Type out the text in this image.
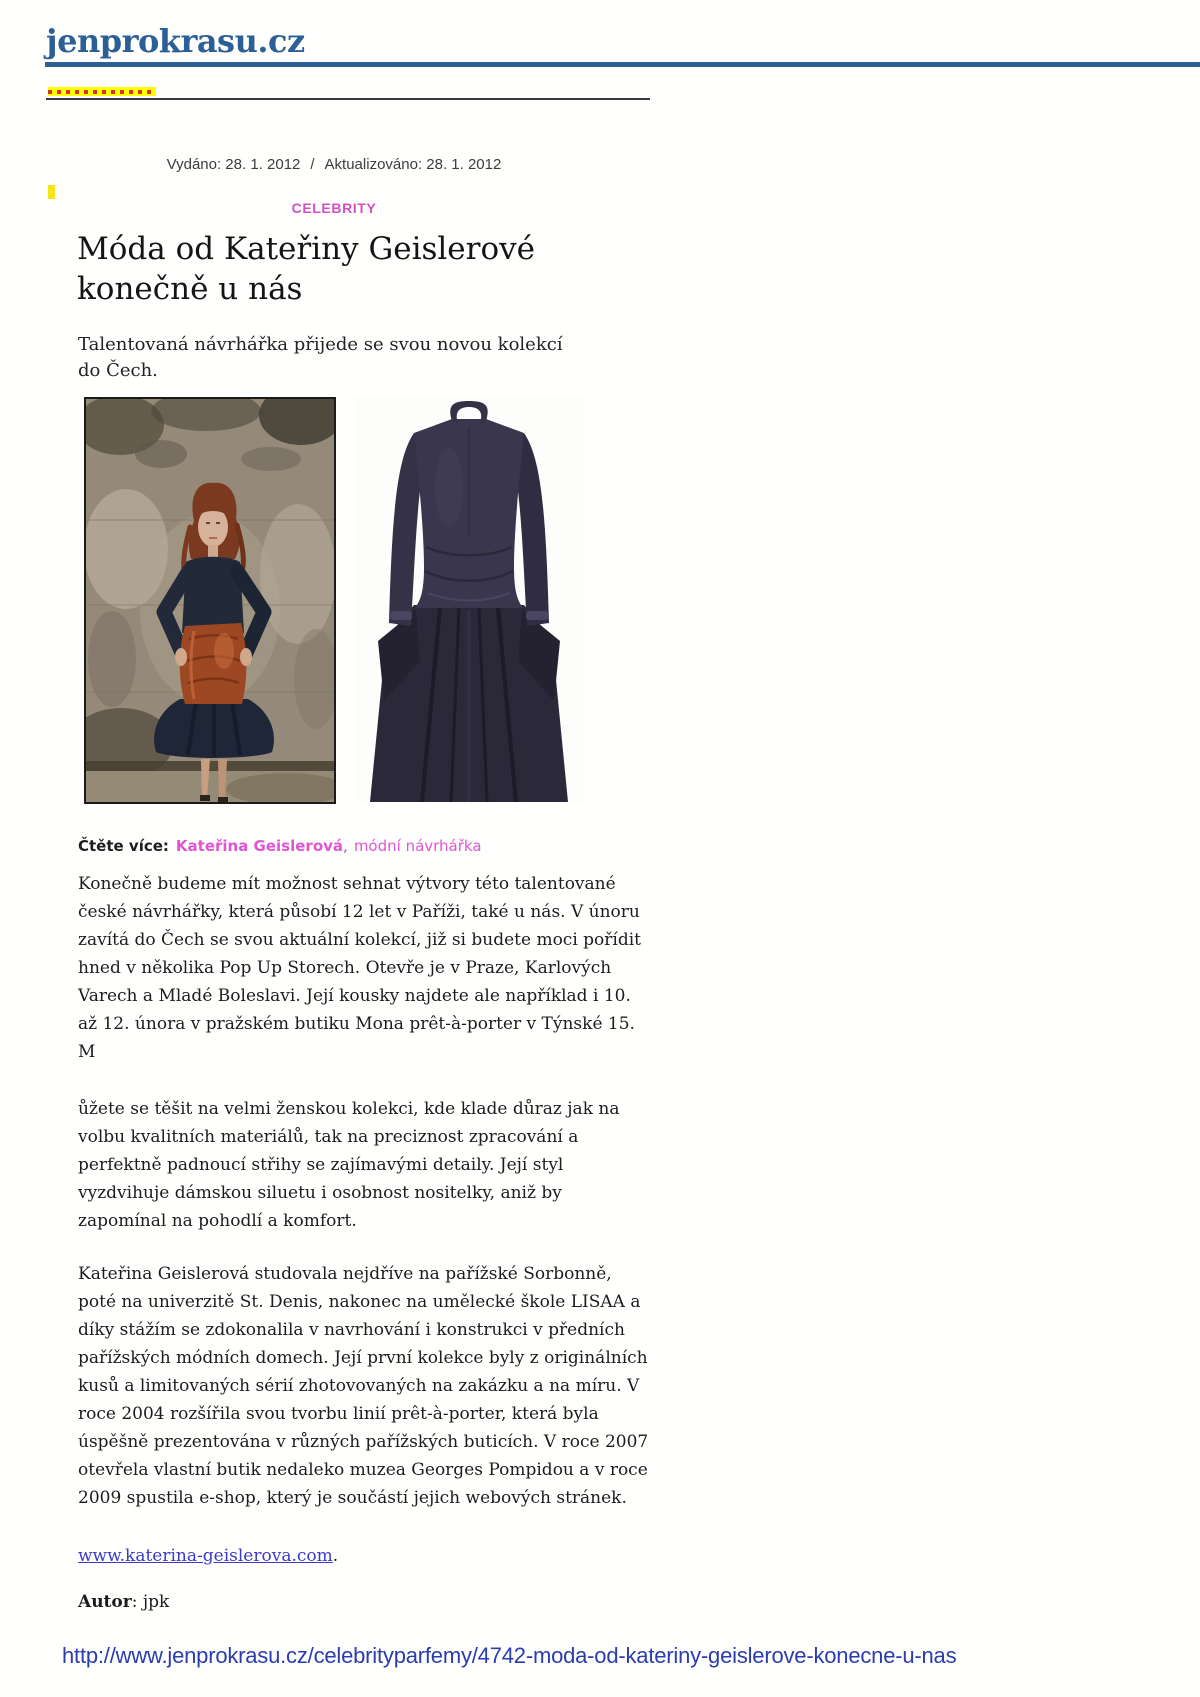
jenprokrasu.cz
Vydáno: 28. 1. 2012 / Aktualizováno: 28. 1. 2012
CELEBRITY
Móda od Kateřiny Geislerové konečně u nás

Talentovaná návrhářka přijede se svou novou kolekcí do Čech.

Čtěte více: Kateřina Geislerová, módní návrhářka

Konečně budeme mít možnost sehnat výtvory této talentované české návrhářky, která působí 12 let v Paříži, také u nás. V únoru zavítá do Čech se svou aktuální kolekcí, již si budete moci pořídit hned v několika Pop Up Storech. Otevře je v Praze, Karlových Varech a Mladé Boleslavi. Její kousky najdete ale například i 10. až 12. února v pražském butiku Mona prêt-à-porter v Týnské 15. M

ůžete se těšit na velmi ženskou kolekci, kde klade důraz jak na volbu kvalitních materiálů, tak na preciznost zpracování a perfektně padnoucí střihy se zajímavými detaily. Její styl vyzdvihuje dámskou siluetu i osobnost nositelky, aniž by zapomínal na pohodlí a komfort.

Kateřina Geislerová studovala nejdříve na pařížské Sorbonně, poté na univerzitě St. Denis, nakonec na umělecké škole LISAA a díky stážím se zdokonalila v navrhování i konstrukci v předních pařížských módních domech. Její první kolekce byly z originálních kusů a limitovaných sérií zhotovovaných na zakázku a na míru. V roce 2004 rozšířila svou tvorbu linií prêt-à-porter, která byla úspěšně prezentována v různých pařížských buticích. V roce 2007 otevřela vlastní butik nedaleko muzea Georges Pompidou a v roce 2009 spustila e-shop, který je součástí jejich webových stránek.

www.katerina-geislerova.com.
Autor: jpk
http://www.jenprokrasu.cz/celebrityparfemy/4742-moda-od-kateriny-geislerove-konecne-u-nas
